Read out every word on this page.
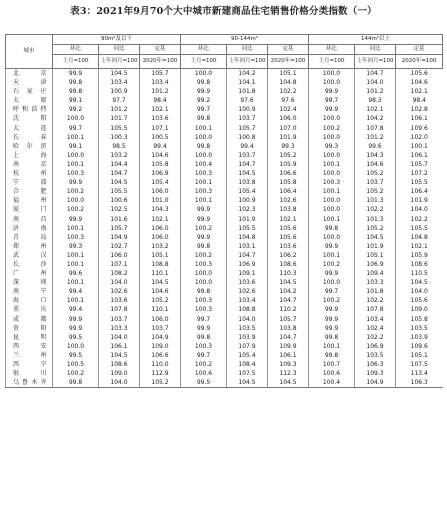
表3：2021年9月70个大中城市新建商品住宅销售价格分类指数（一）
城市	90m²及以下			90-144m²			144m²以上		
	环比	同比	定基	环比	同比	定基	环比	同比	定基
	上月=100	上年同月=100	2020年=100	上月=100	上年同月=100	2020年=100	上月=100	上年同月=100	2020年=100
北京	99.9	104.5	105.7	100.0	104.2	105.1	100.0	104.7	105.6
天津	99.8	103.4	103.4	99.8	104.1	104.8	100.0	104.0	104.6
石家庄	99.8	100.9	101.2	99.9	101.8	102.2	99.9	101.2	102.1
太原	99.1	97.7	98.4	99.2	97.6	97.6	99.7	98.3	98.4
呼和浩特	99.2	101.2	102.1	99.7	100.9	102.4	99.9	102.1	102.8
沈阳	100.0	101.7	103.6	99.8	103.7	106.0	100.0	104.2	106.1
大连	99.7	105.5	107.1	100.1	105.7	107.0	100.2	107.8	109.6
长春	100.1	100.3	100.5	100.0	100.8	101.9	100.0	101.2	102.0
哈尔滨	99.1	98.5	99.4	99.8	99.4	99.3	99.3	99.6	100.1
上海	100.0	103.2	104.6	100.0	103.7	105.2	100.0	104.3	106.1
南京	100.1	104.4	105.8	100.4	104.7	105.9	100.1	104.6	105.7
杭州	100.3	104.7	106.9	100.3	104.5	106.6	100.0	105.2	107.2
宁波	99.9	104.5	105.4	100.1	103.8	105.8	100.3	103.7	105.5
合肥	100.2	105.5	106.0	100.3	105.4	106.4	100.1	105.2	106.4
福州	100.0	100.6	101.0	100.1	100.9	102.6	100.0	101.3	101.9
厦门	100.2	102.5	104.3	99.9	102.3	103.8	100.0	102.2	104.0
南昌	99.9	101.6	102.1	99.9	101.9	102.1	100.1	101.3	102.2
济南	100.1	105.7	106.0	100.2	105.5	105.6	99.8	105.2	105.5
青岛	100.3	104.9	106.0	99.9	104.8	105.6	100.0	104.5	104.8
郑州	99.3	102.7	103.2	99.8	103.1	103.6	99.9	101.9	102.1
武汉	100.1	106.0	105.1	100.2	104.7	106.2	100.1	105.1	105.9
长沙	100.1	107.1	108.8	100.3	106.9	108.6	100.2	106.9	108.6
广州	99.6	108.2	110.1	100.0	109.1	110.3	99.9	109.4	110.5
深圳	100.1	104.0	104.5	100.0	103.6	104.5	100.0	103.3	104.5
南宁	99.4	102.6	104.6	99.8	102.6	104.2	99.7	101.8	104.0
海口	100.1	103.6	105.2	100.3	103.4	104.7	100.2	102.2	105.6
重庆	99.4	107.8	110.1	100.3	108.8	110.2	99.9	107.8	109.0
成都	99.9	103.7	106.0	99.7	104.0	105.7	99.9	103.4	105.8
贵阳	99.9	103.3	103.7	99.9	103.5	103.8	99.9	102.4	103.5
昆明	99.5	104.0	104.9	99.8	103.9	104.7	99.8	102.2	103.9
西安	100.0	106.1	109.0	100.3	107.9	109.9	100.1	106.9	109.6
兰州	99.5	104.5	106.6	99.7	105.4	106.1	99.8	103.5	105.1
西宁	100.5	108.6	110.0	100.2	108.4	109.3	100.7	106.3	107.5
银川	100.2	109.0	112.9	100.6	107.5	112.3	100.6	109.3	113.4
乌鲁木齐	99.8	104.0	105.2	99.5	104.5	104.5	100.4	104.9	106.3
